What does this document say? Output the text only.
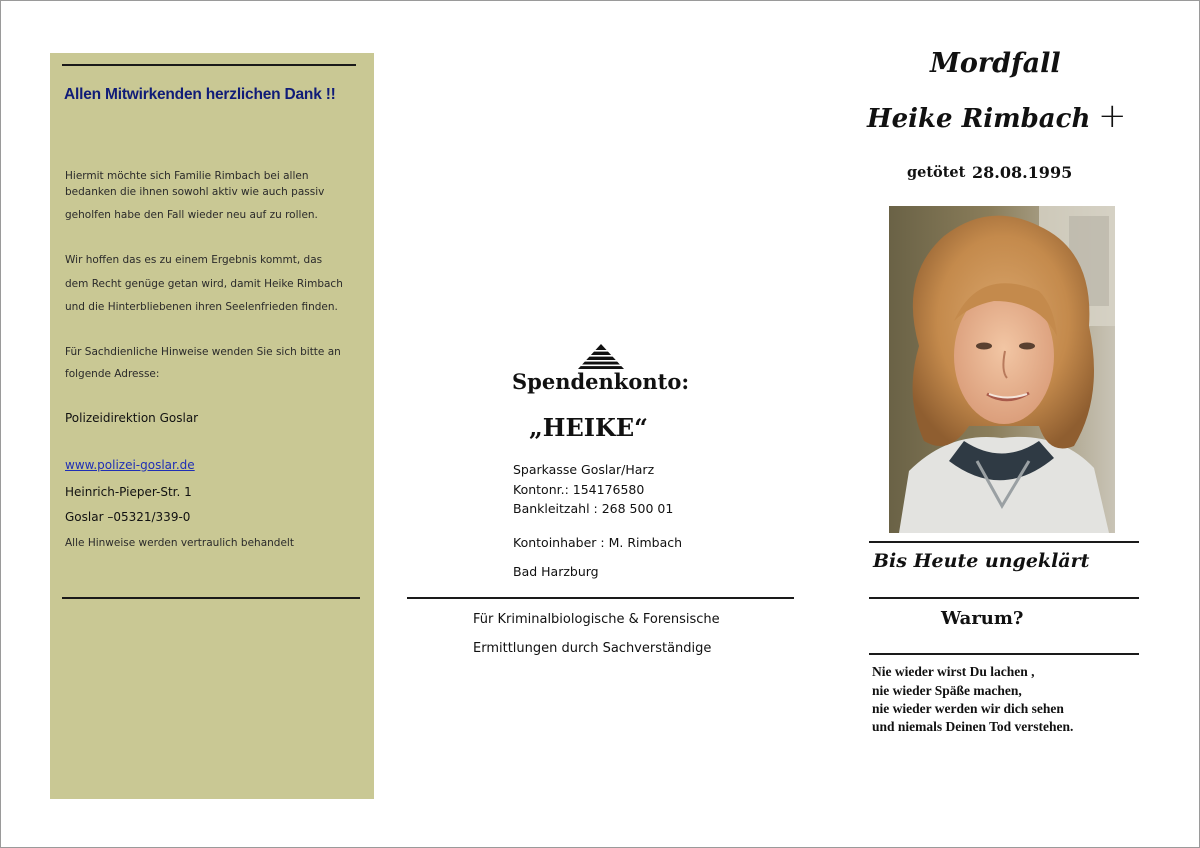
Allen Mitwirkenden herzlichen Dank !!
Hiermit möchte sich Familie Rimbach bei allen
bedanken die ihnen sowohl aktiv wie auch passiv
geholfen habe den Fall wieder neu auf zu rollen.
Wir hoffen das es zu einem Ergebnis kommt, das
dem Recht genüge getan wird, damit Heike Rimbach
und die Hinterbliebenen ihren Seelenfrieden finden.
Für Sachdienliche Hinweise wenden Sie sich bitte an
folgende Adresse:
Polizeidirektion Goslar
www.polizei-goslar.de
Heinrich-Pieper-Str. 1
Goslar –05321/339-0
Alle Hinweise werden vertraulich behandelt
Spendenkonto:
„HEIKE“
Sparkasse Goslar/Harz
Kontonr.: 154176580
Bankleitzahl : 268 500 01
Kontoinhaber : M. Rimbach
Bad Harzburg
Für Kriminalbiologische & Forensische
Ermittlungen durch Sachverständige
Mordfall
Heike Rimbach +
getötet 28.08.1995
Bis Heute ungeklärt
Warum?
Nie wieder wirst Du lachen ,
nie wieder Späße machen,
nie wieder werden wir dich sehen
und niemals Deinen Tod verstehen.
